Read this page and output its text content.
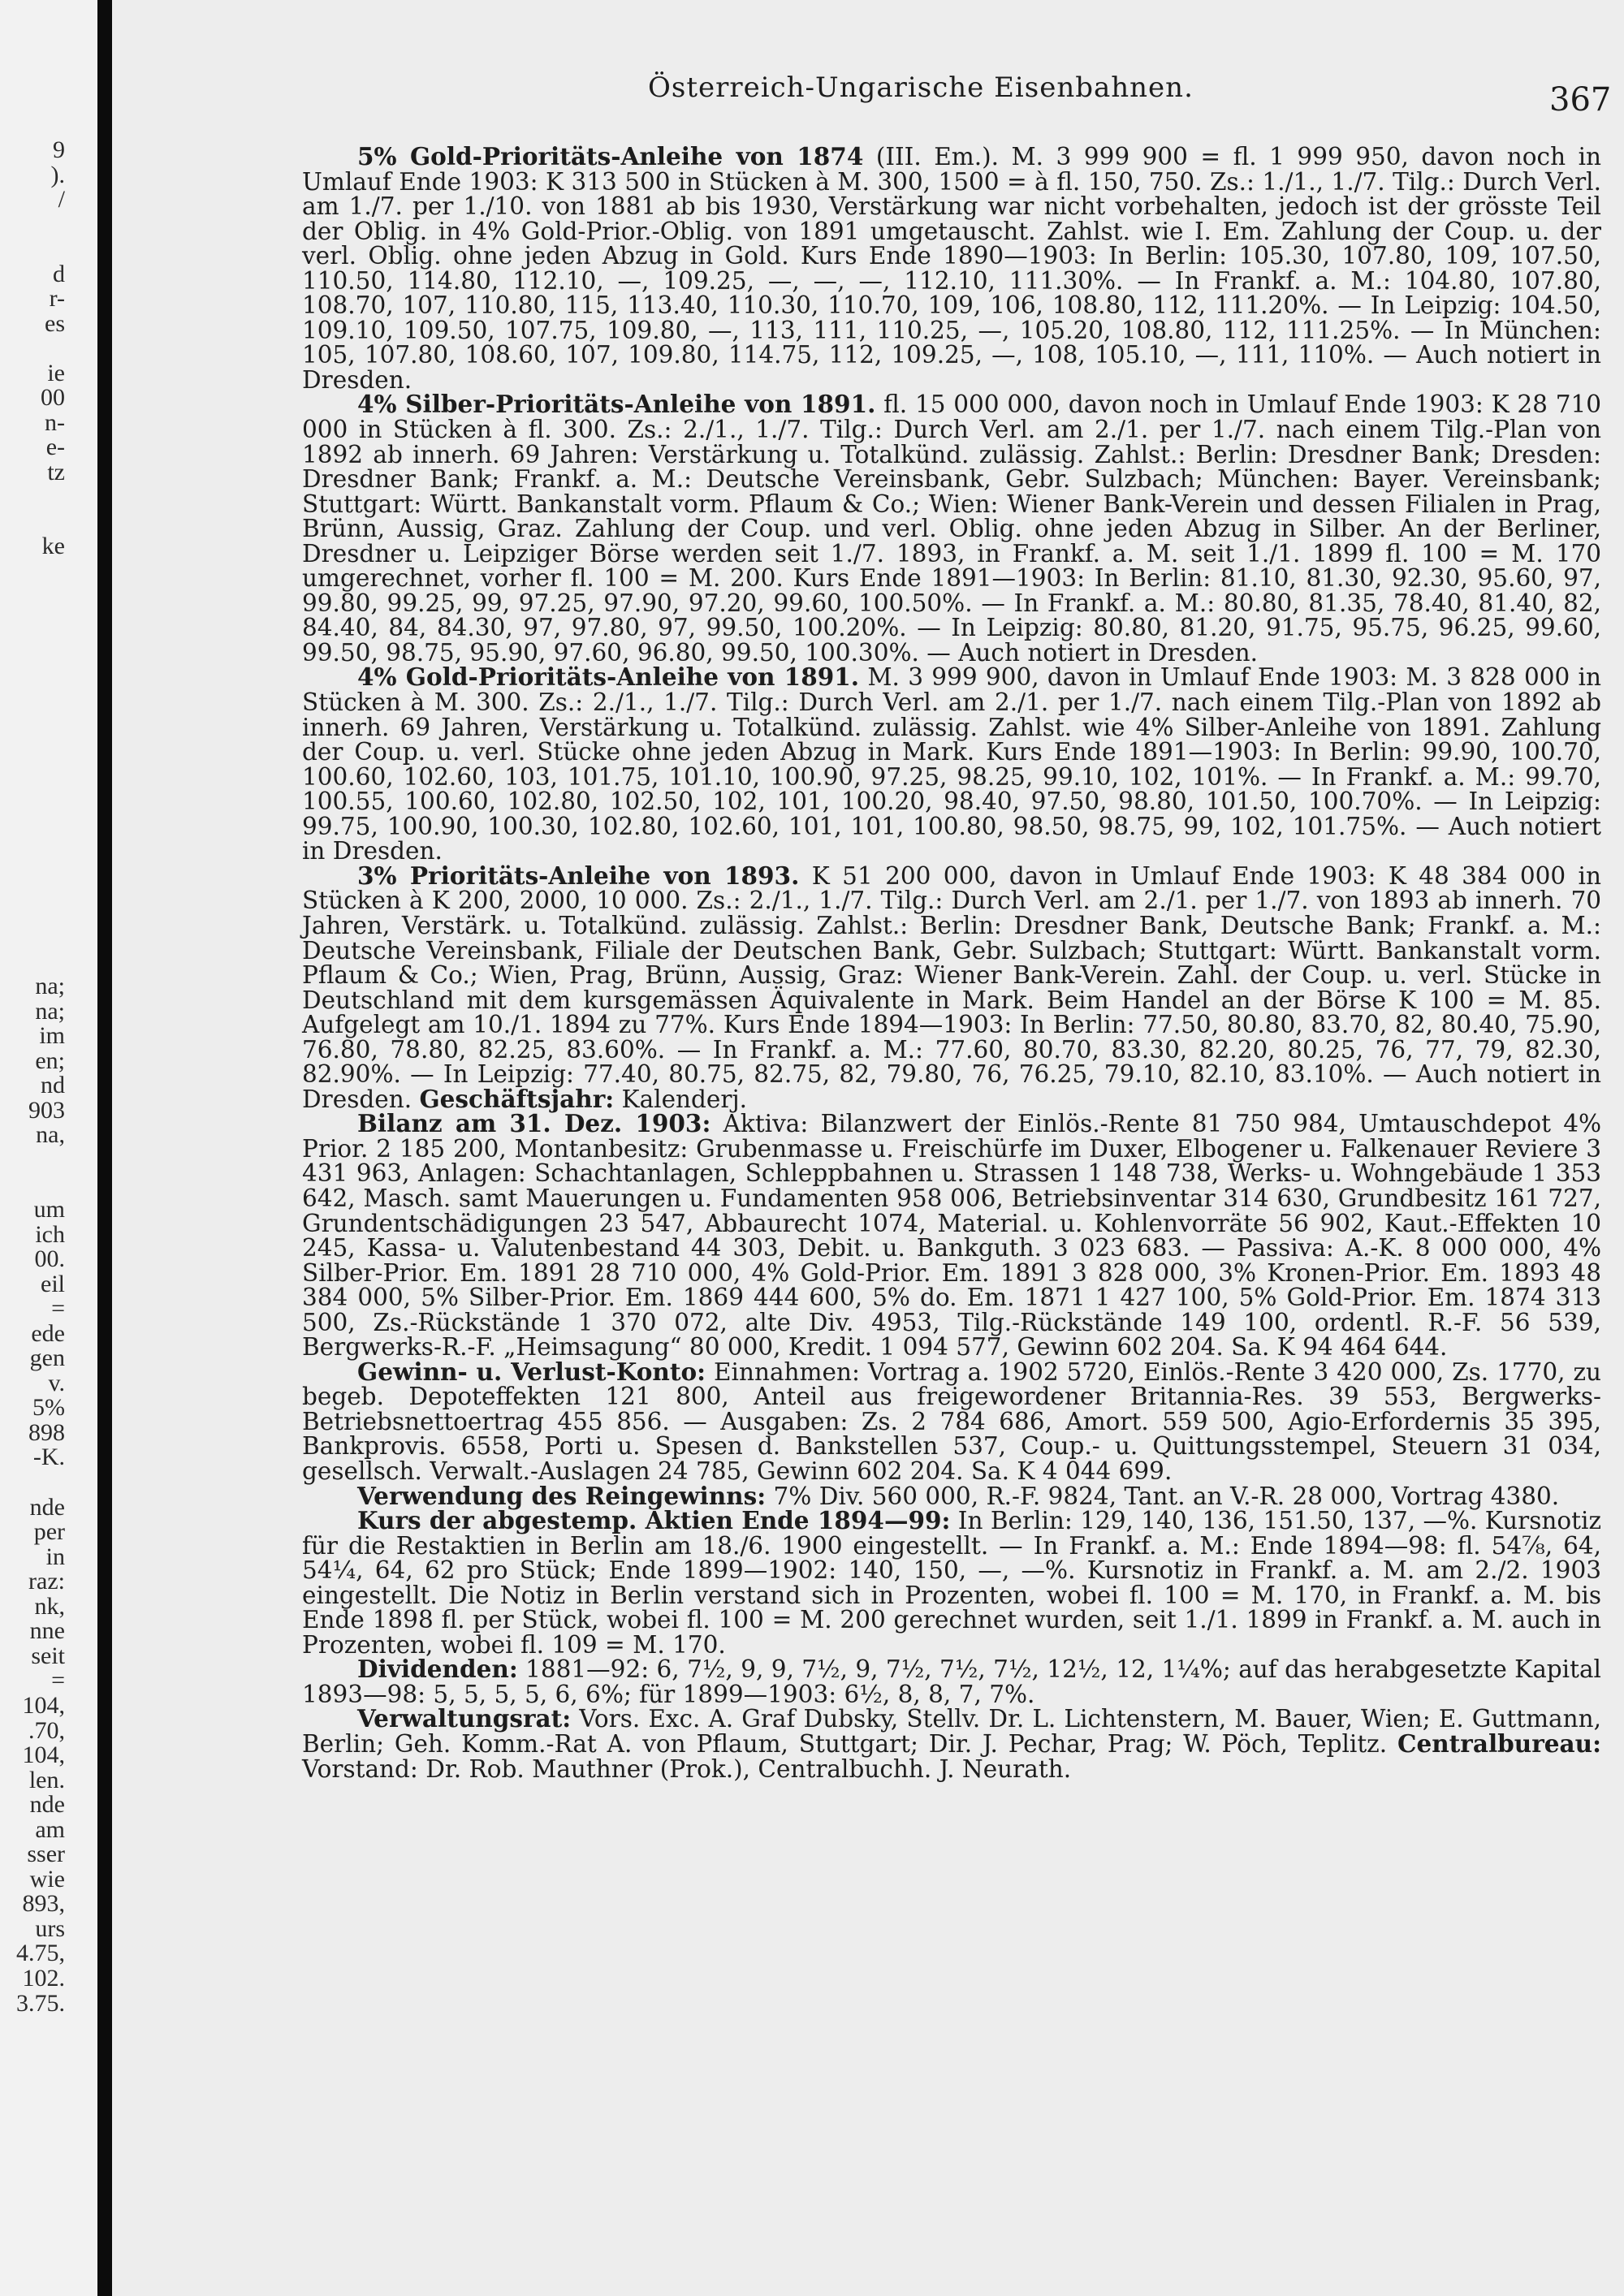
9
).
/
d
r-
es
ie
00
n-
e-
tz
ke
na;
na;
im
en;
nd
903
na,
um
ich
00.
eil
=
ede
gen
v.
5%
898
-K.
nde
per
in
raz:
nk,
nne
seit
=
104,
.70,
104,
len.
nde
am
sser
wie
893,
urs
4.75,
102.
3.75.
Österreich-Ungarische Eisenbahnen.	367

5% Gold-Prioritäts-Anleihe von 1874 (III. Em.). M. 3 999 900 = fl. 1 999 950, davon noch in Umlauf Ende 1903: K 313 500 in Stücken à M. 300, 1500 = à fl. 150, 750. Zs.: 1./1., 1./7. Tilg.: Durch Verl. am 1./7. per 1./10. von 1881 ab bis 1930, Verstärkung war nicht vorbehalten, jedoch ist der grösste Teil der Oblig. in 4% Gold-Prior.-Oblig. von 1891 umgetauscht. Zahlst. wie I. Em. Zahlung der Coup. u. der verl. Oblig. ohne jeden Abzug in Gold. Kurs Ende 1890—1903: In Berlin: 105.30, 107.80, 109, 107.50, 110.50, 114.80, 112.10, —, 109.25, —, —, —, 112.10, 111.30%. — In Frankf. a. M.: 104.80, 107.80, 108.70, 107, 110.80, 115, 113.40, 110.30, 110.70, 109, 106, 108.80, 112, 111.20%. — In Leipzig: 104.50, 109.10, 109.50, 107.75, 109.80, —, 113, 111, 110.25, —, 105.20, 108.80, 112, 111.25%. — In München: 105, 107.80, 108.60, 107, 109.80, 114.75, 112, 109.25, —, 108, 105.10, —, 111, 110%. — Auch notiert in Dresden.

4% Silber-Prioritäts-Anleihe von 1891. fl. 15 000 000, davon noch in Umlauf Ende 1903: K 28 710 000 in Stücken à fl. 300. Zs.: 2./1., 1./7. Tilg.: Durch Verl. am 2./1. per 1./7. nach einem Tilg.-Plan von 1892 ab innerh. 69 Jahren: Verstärkung u. Totalkünd. zulässig. Zahlst.: Berlin: Dresdner Bank; Dresden: Dresdner Bank; Frankf. a. M.: Deutsche Vereinsbank, Gebr. Sulzbach; München: Bayer. Vereinsbank; Stuttgart: Württ. Bankanstalt vorm. Pflaum & Co.; Wien: Wiener Bank-Verein und dessen Filialen in Prag, Brünn, Aussig, Graz. Zahlung der Coup. und verl. Oblig. ohne jeden Abzug in Silber. An der Berliner, Dresdner u. Leipziger Börse werden seit 1./7. 1893, in Frankf. a. M. seit 1./1. 1899 fl. 100 = M. 170 umgerechnet, vorher fl. 100 = M. 200. Kurs Ende 1891—1903: In Berlin: 81.10, 81.30, 92.30, 95.60, 97, 99.80, 99.25, 99, 97.25, 97.90, 97.20, 99.60, 100.50%. — In Frankf. a. M.: 80.80, 81.35, 78.40, 81.40, 82, 84.40, 84, 84.30, 97, 97.80, 97, 99.50, 100.20%. — In Leipzig: 80.80, 81.20, 91.75, 95.75, 96.25, 99.60, 99.50, 98.75, 95.90, 97.60, 96.80, 99.50, 100.30%. — Auch notiert in Dresden.

4% Gold-Prioritäts-Anleihe von 1891. M. 3 999 900, davon in Umlauf Ende 1903: M. 3 828 000 in Stücken à M. 300. Zs.: 2./1., 1./7. Tilg.: Durch Verl. am 2./1. per 1./7. nach einem Tilg.-Plan von 1892 ab innerh. 69 Jahren, Verstärkung u. Totalkünd. zulässig. Zahlst. wie 4% Silber-Anleihe von 1891. Zahlung der Coup. u. verl. Stücke ohne jeden Abzug in Mark. Kurs Ende 1891—1903: In Berlin: 99.90, 100.70, 100.60, 102.60, 103, 101.75, 101.10, 100.90, 97.25, 98.25, 99.10, 102, 101%. — In Frankf. a. M.: 99.70, 100.55, 100.60, 102.80, 102.50, 102, 101, 100.20, 98.40, 97.50, 98.80, 101.50, 100.70%. — In Leipzig: 99.75, 100.90, 100.30, 102.80, 102.60, 101, 101, 100.80, 98.50, 98.75, 99, 102, 101.75%. — Auch notiert in Dresden.

3% Prioritäts-Anleihe von 1893. K 51 200 000, davon in Umlauf Ende 1903: K 48 384 000 in Stücken à K 200, 2000, 10 000. Zs.: 2./1., 1./7. Tilg.: Durch Verl. am 2./1. per 1./7. von 1893 ab innerh. 70 Jahren, Verstärk. u. Totalkünd. zulässig. Zahlst.: Berlin: Dresdner Bank, Deutsche Bank; Frankf. a. M.: Deutsche Vereinsbank, Filiale der Deutschen Bank, Gebr. Sulzbach; Stuttgart: Württ. Bankanstalt vorm. Pflaum & Co.; Wien, Prag, Brünn, Aussig, Graz: Wiener Bank-Verein. Zahl. der Coup. u. verl. Stücke in Deutschland mit dem kursgemässen Äquivalente in Mark. Beim Handel an der Börse K 100 = M. 85. Aufgelegt am 10./1. 1894 zu 77%. Kurs Ende 1894—1903: In Berlin: 77.50, 80.80, 83.70, 82, 80.40, 75.90, 76.80, 78.80, 82.25, 83.60%. — In Frankf. a. M.: 77.60, 80.70, 83.30, 82.20, 80.25, 76, 77, 79, 82.30, 82.90%. — In Leipzig: 77.40, 80.75, 82.75, 82, 79.80, 76, 76.25, 79.10, 82.10, 83.10%. — Auch notiert in Dresden. Geschäftsjahr: Kalenderj.

Bilanz am 31. Dez. 1903: Aktiva: Bilanzwert der Einlös.-Rente 81 750 984, Umtauschdepot 4% Prior. 2 185 200, Montanbesitz: Grubenmasse u. Freischürfe im Duxer, Elbogener u. Falkenauer Reviere 3 431 963, Anlagen: Schachtanlagen, Schleppbahnen u. Strassen 1 148 738, Werks- u. Wohngebäude 1 353 642, Masch. samt Mauerungen u. Fundamenten 958 006, Betriebsinventar 314 630, Grundbesitz 161 727, Grundentschädigungen 23 547, Abbaurecht 1074, Material. u. Kohlenvorräte 56 902, Kaut.-Effekten 10 245, Kassa- u. Valutenbestand 44 303, Debit. u. Bankguth. 3 023 683. — Passiva: A.-K. 8 000 000, 4% Silber-Prior. Em. 1891 28 710 000, 4% Gold-Prior. Em. 1891 3 828 000, 3% Kronen-Prior. Em. 1893 48 384 000, 5% Silber-Prior. Em. 1869 444 600, 5% do. Em. 1871 1 427 100, 5% Gold-Prior. Em. 1874 313 500, Zs.-Rückstände 1 370 072, alte Div. 4953, Tilg.-Rückstände 149 100, ordentl. R.-F. 56 539, Bergwerks-R.-F. „Heimsagung“ 80 000, Kredit. 1 094 577, Gewinn 602 204. Sa. K 94 464 644.

Gewinn- u. Verlust-Konto: Einnahmen: Vortrag a. 1902 5720, Einlös.-Rente 3 420 000, Zs. 1770, zu begeb. Depoteffekten 121 800, Anteil aus freigewordener Britannia-Res. 39 553, Bergwerks-Betriebsnettoertrag 455 856. — Ausgaben: Zs. 2 784 686, Amort. 559 500, Agio-Erfordernis 35 395, Bankprovis. 6558, Porti u. Spesen d. Bankstellen 537, Coup.- u. Quittungsstempel, Steuern 31 034, gesellsch. Verwalt.-Auslagen 24 785, Gewinn 602 204. Sa. K 4 044 699.

Verwendung des Reingewinns: 7% Div. 560 000, R.-F. 9824, Tant. an V.-R. 28 000, Vortrag 4380.

Kurs der abgestemp. Aktien Ende 1894—99: In Berlin: 129, 140, 136, 151.50, 137, —%. Kursnotiz für die Restaktien in Berlin am 18./6. 1900 eingestellt. — In Frankf. a. M.: Ende 1894—98: fl. 54⅞, 64, 54¼, 64, 62 pro Stück; Ende 1899—1902: 140, 150, —, —%. Kursnotiz in Frankf. a. M. am 2./2. 1903 eingestellt. Die Notiz in Berlin verstand sich in Prozenten, wobei fl. 100 = M. 170, in Frankf. a. M. bis Ende 1898 fl. per Stück, wobei fl. 100 = M. 200 gerechnet wurden, seit 1./1. 1899 in Frankf. a. M. auch in Prozenten, wobei fl. 109 = M. 170.

Dividenden: 1881—92: 6, 7½, 9, 9, 7½, 9, 7½, 7½, 7½, 12½, 12, 1¼%; auf das herabgesetzte Kapital 1893—98: 5, 5, 5, 5, 6, 6%; für 1899—1903: 6½, 8, 8, 7, 7%.

Verwaltungsrat: Vors. Exc. A. Graf Dubsky, Stellv. Dr. L. Lichtenstern, M. Bauer, Wien; E. Guttmann, Berlin; Geh. Komm.-Rat A. von Pflaum, Stuttgart; Dir. J. Pechar, Prag; W. Pöch, Teplitz. Centralbureau: Vorstand: Dr. Rob. Mauthner (Prok.), Centralbuchh. J. Neurath.
